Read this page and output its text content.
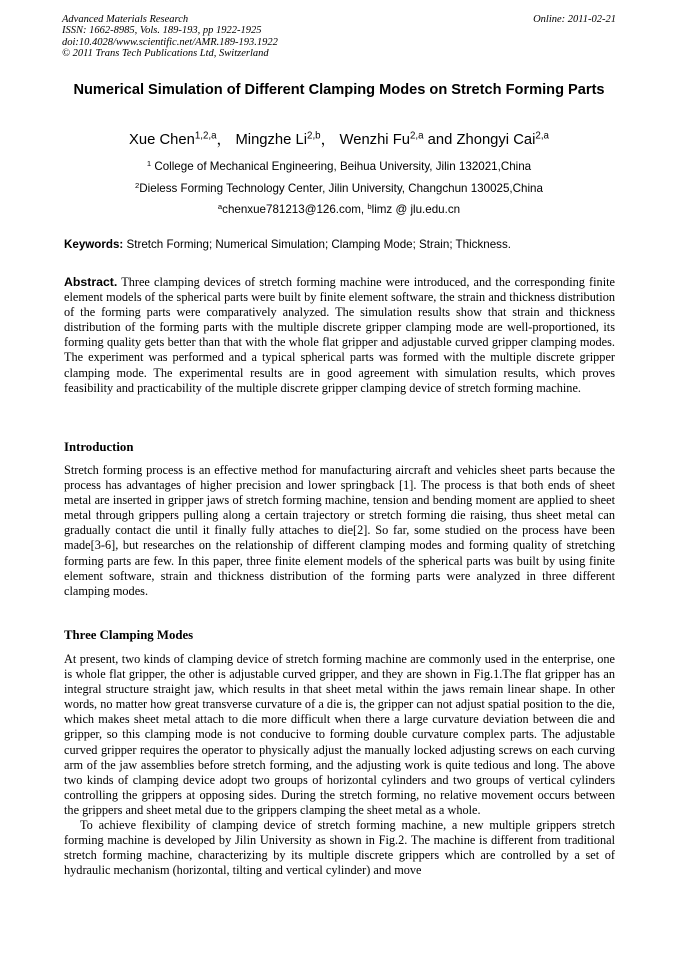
Advanced Materials Research
ISSN: 1662-8985, Vols. 189-193, pp 1922-1925
doi:10.4028/www.scientific.net/AMR.189-193.1922
© 2011 Trans Tech Publications Ltd, Switzerland
Online: 2011-02-21
Numerical Simulation of Different Clamping Modes on Stretch Forming Parts
Xue Chen$^{1,2,a}$， Mingzhe Li$^{2,b}$， Wenzhi Fu$^{2,a}$ and Zhongyi Cai$^{2,a}$
$^1$ College of Mechanical Engineering, Beihua University, Jilin 132021,China
$^2$Dieless Forming Technology Center, Jilin University, Changchun 130025,China
$^a$chenxue781213@126.com, $^b$limz @ jlu.edu.cn
Keywords: Stretch Forming; Numerical Simulation; Clamping Mode; Strain; Thickness.
Abstract. Three clamping devices of stretch forming machine were introduced, and the corresponding finite element models of the spherical parts were built by finite element software, the strain and thickness distribution of the forming parts were comparatively analyzed. The simulation results show that strain and thickness distribution of the forming parts with the multiple discrete gripper clamping mode are well-proportioned, its forming quality gets better than that with the whole flat gripper and adjustable curved gripper clamping modes. The experiment was performed and a typical spherical parts was formed with the multiple discrete gripper clamping mode. The experimental results are in good agreement with simulation results, which proves feasibility and practicability of the multiple discrete gripper clamping device of stretch forming machine.
Introduction

Stretch forming process is an effective method for manufacturing aircraft and vehicles sheet parts because the process has advantages of higher precision and lower springback [1]. The process is that both ends of sheet metal are inserted in gripper jaws of stretch forming machine, tension and bending moment are applied to sheet metal through grippers pulling along a certain trajectory or stretch forming die raising, thus sheet metal can gradually contact die until it finally fully attaches to die[2]. So far, some studied on the process have been made[3-6], but researches on the relationship of different clamping modes and forming quality of stretching forming parts are few. In this paper, three finite element models of the spherical parts was built by using finite element software, strain and thickness distribution of the forming parts were analyzed in three different clamping modes.

Three Clamping Modes

At present, two kinds of clamping device of stretch forming machine are commonly used in the enterprise, one is whole flat gripper, the other is adjustable curved gripper, and they are shown in Fig.1.The flat gripper has an integral structure straight jaw, which results in that sheet metal within the jaws remain linear shape. In other words, no matter how great transverse curvature of a die is, the gripper can not adjust spatial position to the die, which makes sheet metal attach to die more difficult when there a large curvature deviation between die and gripper, so this clamping mode is not conducive to forming double curvature complex parts. The adjustable curved gripper requires the operator to physically adjust the manually locked adjusting screws on each curving arm of the jaw assemblies before stretch forming, and the adjusting work is quite tedious and long. The above two kinds of clamping device adopt two groups of horizontal cylinders and two groups of vertical cylinders controlling the grippers at opposing sides. During the stretch forming, no relative movement occurs between the grippers and sheet metal due to the grippers clamping the sheet metal as a whole.

To achieve flexibility of clamping device of stretch forming machine, a new multiple grippers stretch forming machine is developed by Jilin University as shown in Fig.2. The machine is different from traditional stretch forming machine, characterizing by its multiple discrete grippers which are controlled by a set of hydraulic mechanism (horizontal, tilting and vertical cylinder) and move
